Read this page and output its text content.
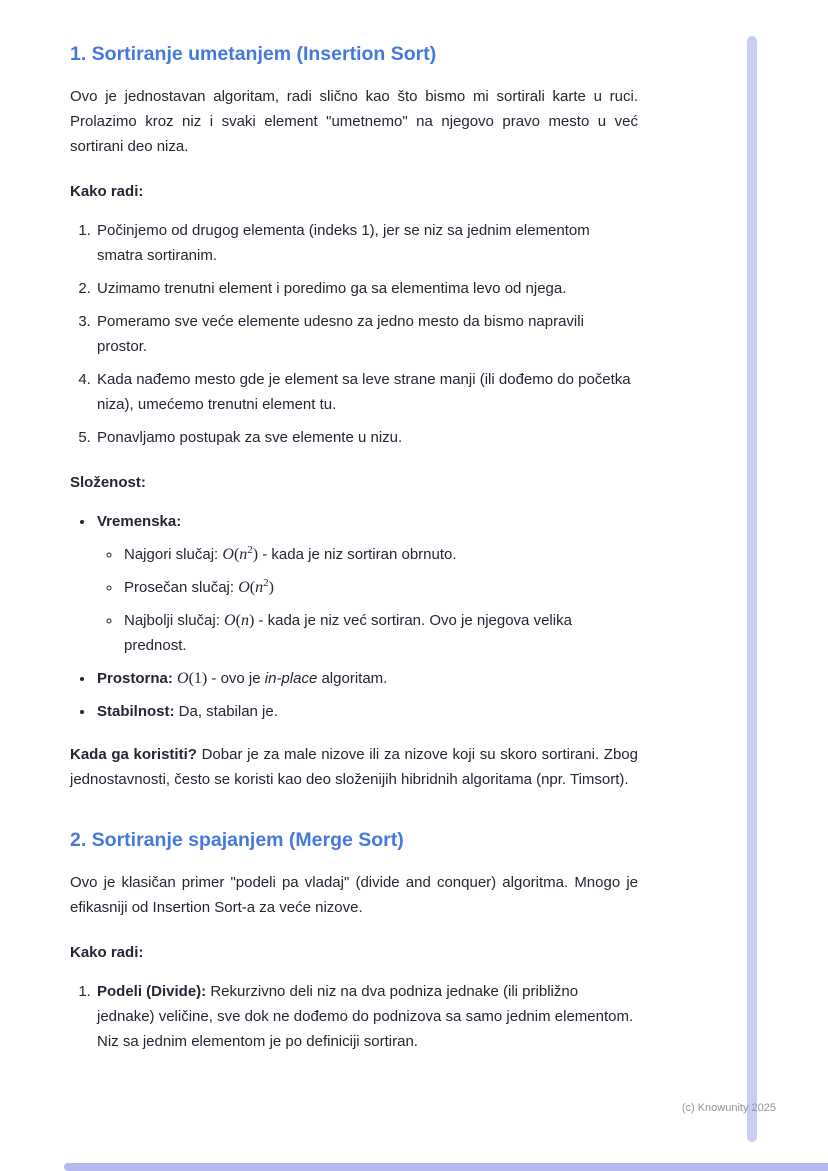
1. Sortiranje umetanjem (Insertion Sort)

Ovo je jednostavan algoritam, radi slično kao što bismo mi sortirali karte u ruci. Prolazimo kroz niz i svaki element "umetnemo" na njegovo pravo mesto u već sortirani deo niza.

Kako radi:

1. Počinjemo od drugog elementa (indeks 1), jer se niz sa jednim elementom smatra sortiranim.
2. Uzimamo trenutni element i poredimo ga sa elementima levo od njega.
3. Pomeramo sve veće elemente udesno za jedno mesto da bismo napravili prostor.
4. Kada nađemo mesto gde je element sa leve strane manji (ili dođemo do početka niza), umećemo trenutni element tu.
5. Ponavljamo postupak za sve elemente u nizu.

Složenost:

• Vremenska:
◦ Najgori slučaj: $O(n^2)$ - kada je niz sortiran obrnuto.
◦ Prosečan slučaj: $O(n^2)$
◦ Najbolji slučaj: O(n) - kada je niz već sortiran. Ovo je njegova velika prednost.
• Prostorna: O(1) - ovo je in-place algoritam.
• Stabilnost: Da, stabilan je.

Kada ga koristiti? Dobar je za male nizove ili za nizove koji su skoro sortirani. Zbog jednostavnosti, često se koristi kao deo složenijih hibridnih algoritama (npr. Timsort).

2. Sortiranje spajanjem (Merge Sort)

Ovo je klasičan primer "podeli pa vladaj" (divide and conquer) algoritma. Mnogo je efikasniji od Insertion Sort-a za veće nizove.

Kako radi:

1. Podeli (Divide): Rekurzivno deli niz na dva podniza jednake (ili približno jednake) veličine, sve dok ne dođemo do podnizova sa samo jednim elementom. Niz sa jednim elementom je po definiciji sortiran.
(c) Knowunity 2025
